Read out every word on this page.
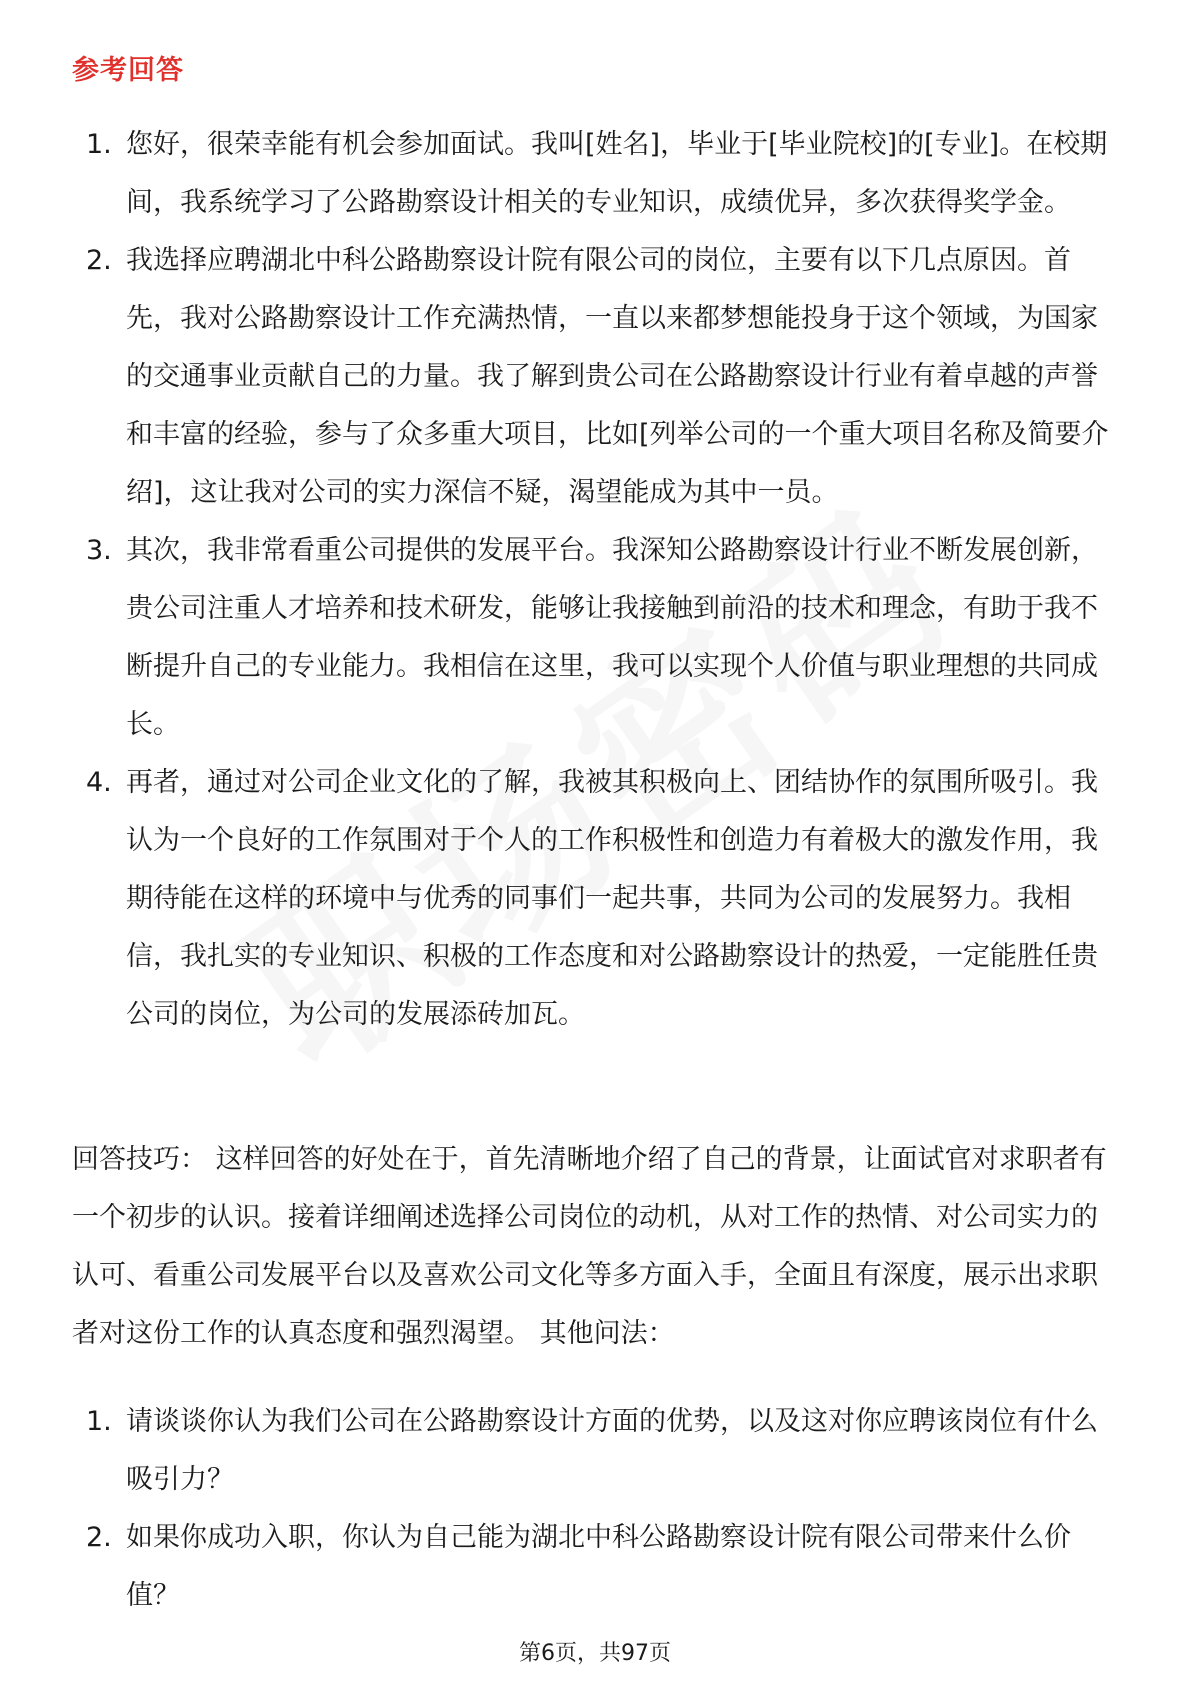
参考回答
1. 您好，很荣幸能有机会参加面试。我叫[姓名]，毕业于[毕业院校]的[专业]。在校期间，我系统学习了公路勘察设计相关的专业知识，成绩优异，多次获得奖学金。
2. 我选择应聘湖北中科公路勘察设计院有限公司的岗位，主要有以下几点原因。首先，我对公路勘察设计工作充满热情，一直以来都梦想能投身于这个领域，为国家的交通事业贡献自己的力量。我了解到贵公司在公路勘察设计行业有着卓越的声誉和丰富的经验，参与了众多重大项目，比如[列举公司的一个重大项目名称及简要介绍]，这让我对公司的实力深信不疑，渴望能成为其中一员。
3. 其次，我非常看重公司提供的发展平台。我深知公路勘察设计行业不断发展创新，贵公司注重人才培养和技术研发，能够让我接触到前沿的技术和理念，有助于我不断提升自己的专业能力。我相信在这里，我可以实现个人价值与职业理想的共同成长。
4. 再者，通过对公司企业文化的了解，我被其积极向上、团结协作的氛围所吸引。我认为一个良好的工作氛围对于个人的工作积极性和创造力有着极大的激发作用，我期待能在这样的环境中与优秀的同事们一起共事，共同为公司的发展努力。我相信，我扎实的专业知识、积极的工作态度和对公路勘察设计的热爱，一定能胜任贵公司的岗位，为公司的发展添砖加瓦。

回答技巧： 这样回答的好处在于，首先清晰地介绍了自己的背景，让面试官对求职者有一个初步的认识。接着详细阐述选择公司岗位的动机，从对工作的热情、对公司实力的认可、看重公司发展平台以及喜欢公司文化等多方面入手，全面且有深度，展示出求职者对这份工作的认真态度和强烈渴望。 其他问法：

1. 请谈谈你认为我们公司在公路勘察设计方面的优势，以及这对你应聘该岗位有什么吸引力？
2. 如果你成功入职，你认为自己能为湖北中科公路勘察设计院有限公司带来什么价值？
第6页，共97页
